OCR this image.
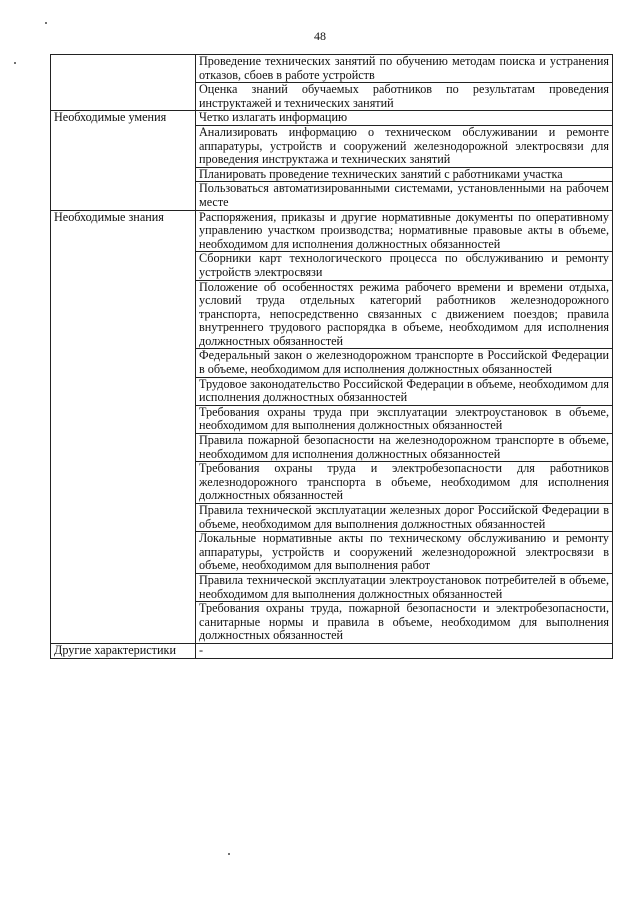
48
	Проведение технических занятий по обучению методам поиска и устранения отказов, сбоев в работе устройств
	Оценка знаний обучаемых работников по результатам проведения инструктажей и технических занятий
Необходимые умения	Четко излагать информацию
	Анализировать информацию о техническом обслуживании и ремонте аппаратуры, устройств и сооружений железнодорожной электросвязи для проведения инструктажа и технических занятий
	Планировать проведение технических занятий с работниками участка
	Пользоваться автоматизированными системами, установленными на рабочем месте
Необходимые знания	Распоряжения, приказы и другие нормативные документы по оперативному управлению участком производства; нормативные правовые акты в объеме, необходимом для исполнения должностных обязанностей
	Сборники карт технологического процесса по обслуживанию и ремонту устройств электросвязи
	Положение об особенностях режима рабочего времени и времени отдыха, условий труда отдельных категорий работников железнодорожного транспорта, непосредственно связанных с движением поездов; правила внутреннего трудового распорядка в объеме, необходимом для исполнения должностных обязанностей
	Федеральный закон о железнодорожном транспорте в Российской Федерации в объеме, необходимом для исполнения должностных обязанностей
	Трудовое законодательство Российской Федерации в объеме, необходимом для исполнения должностных обязанностей
	Требования охраны труда при эксплуатации электроустановок в объеме, необходимом для выполнения должностных обязанностей
	Правила пожарной безопасности на железнодорожном транспорте в объеме, необходимом для исполнения должностных обязанностей
	Требования охраны труда и электробезопасности для работников железнодорожного транспорта в объеме, необходимом для исполнения должностных обязанностей
	Правила технической эксплуатации железных дорог Российской Федерации в объеме, необходимом для выполнения должностных обязанностей
	Локальные нормативные акты по техническому обслуживанию и ремонту аппаратуры, устройств и сооружений железнодорожной электросвязи в объеме, необходимом для выполнения работ
	Правила технической эксплуатации электроустановок потребителей в объеме, необходимом для выполнения должностных обязанностей
	Требования охраны труда, пожарной безопасности и электробезопасности, санитарные нормы и правила в объеме, необходимом для выполнения должностных обязанностей
Другие характеристики	-
